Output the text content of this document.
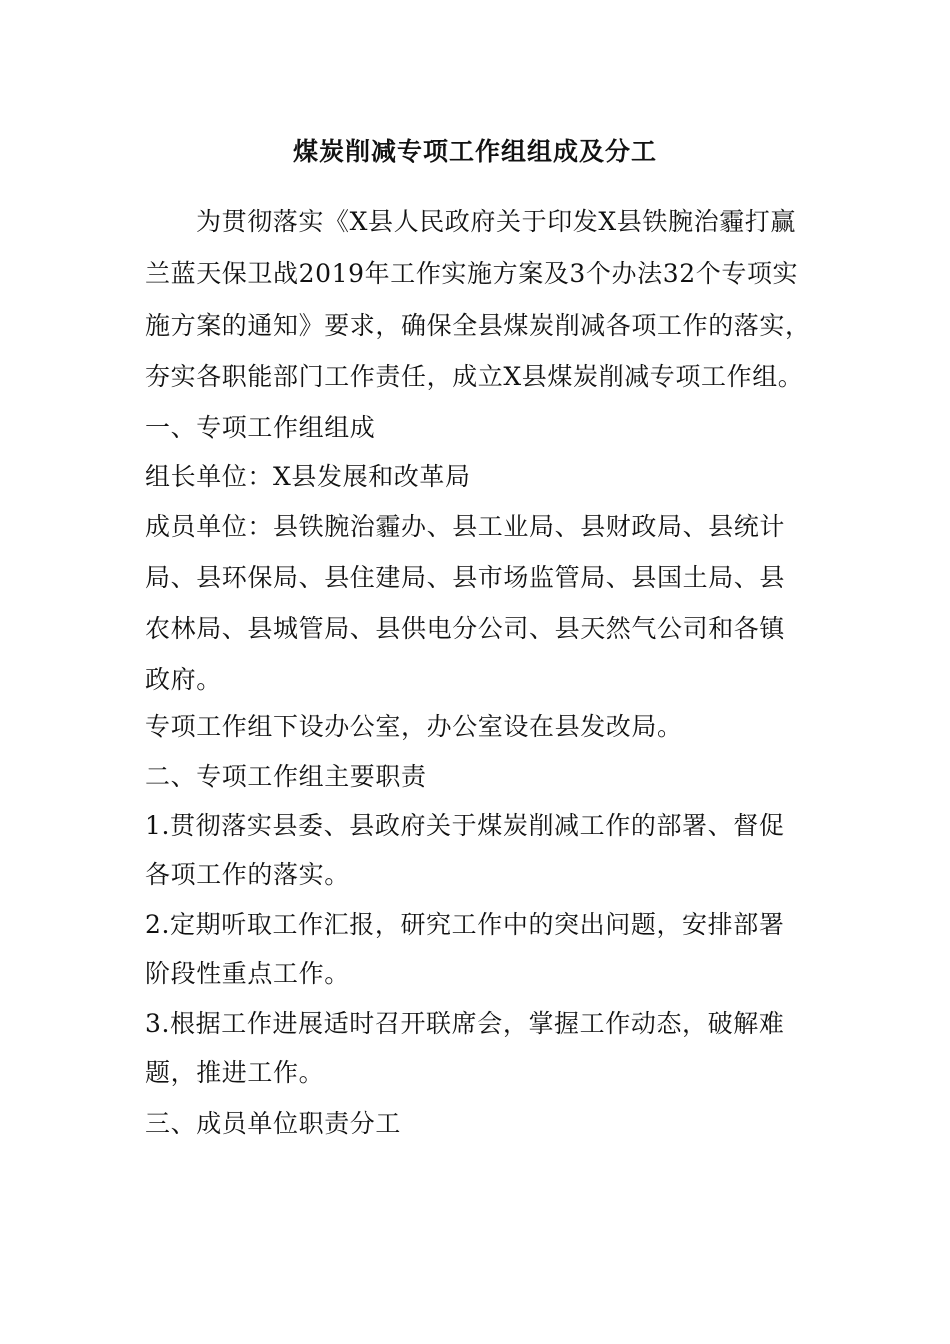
煤炭削减专项工作组组成及分工
为贯彻落实《X县人民政府关于印发X县铁腕治霾打赢
兰蓝天保卫战2019年工作实施方案及3个办法32个专项实
施方案的通知》要求，确保全县煤炭削减各项工作的落实，
夯实各职能部门工作责任，成立X县煤炭削减专项工作组。
一、专项工作组组成
组长单位：X县发展和改革局
成员单位：县铁腕治霾办、县工业局、县财政局、县统计
局、县环保局、县住建局、县市场监管局、县国土局、县
农林局、县城管局、县供电分公司、县天然气公司和各镇
政府。
专项工作组下设办公室，办公室设在县发改局。
二、专项工作组主要职责
1.贯彻落实县委、县政府关于煤炭削减工作的部署、督促
各项工作的落实。
2.定期听取工作汇报，研究工作中的突出问题，安排部署
阶段性重点工作。
3.根据工作进展适时召开联席会，掌握工作动态，破解难
题，推进工作。
三、成员单位职责分工
